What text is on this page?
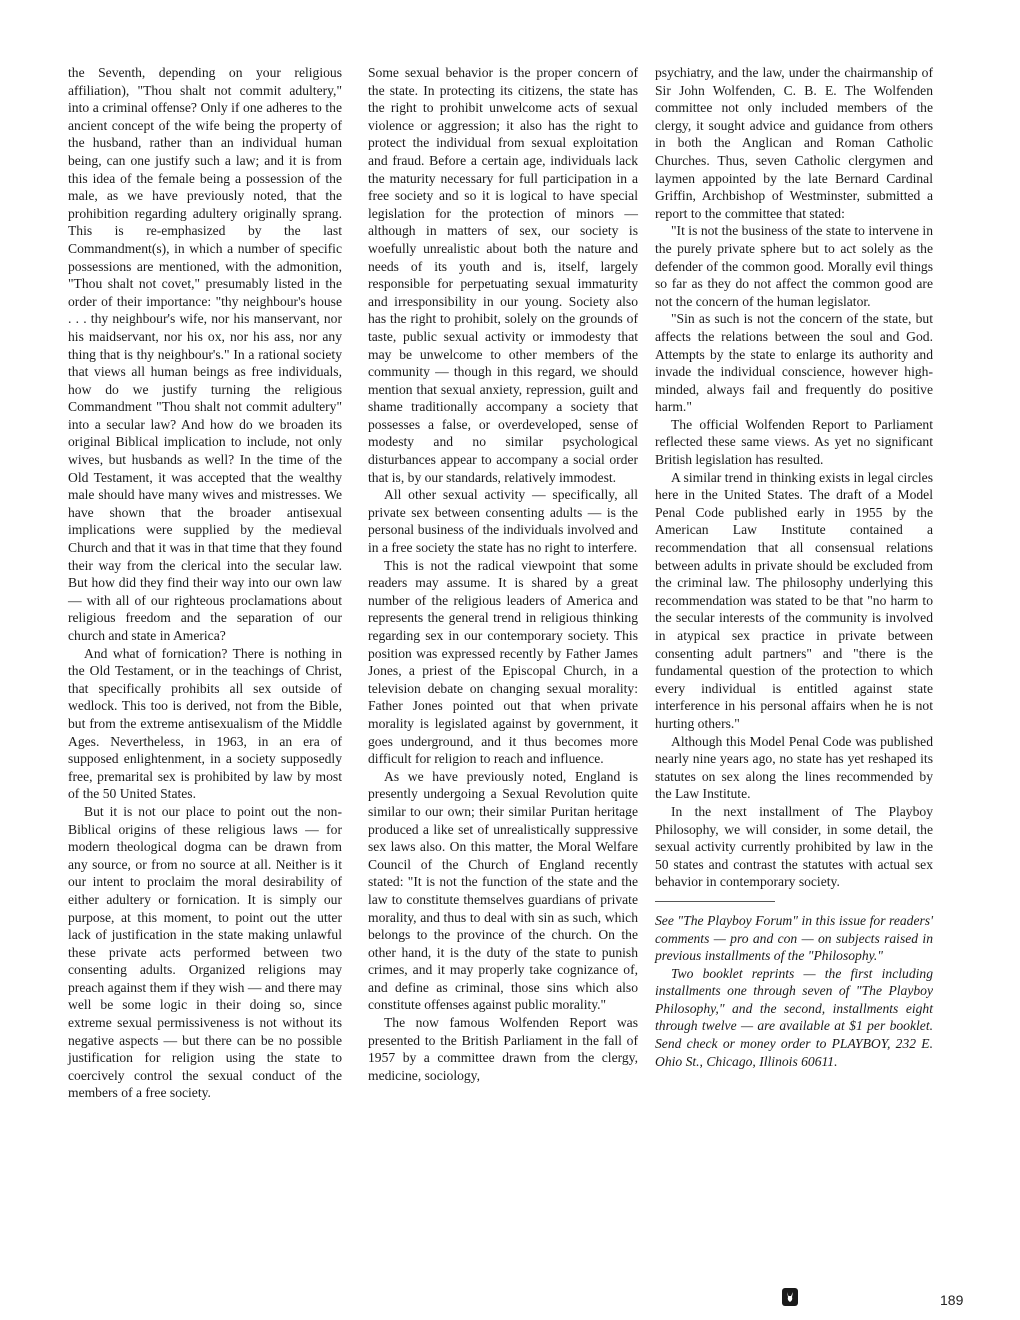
the Seventh, depending on your religious affiliation), "Thou shalt not commit adultery," into a criminal offense? Only if one adheres to the ancient concept of the wife being the property of the husband, rather than an individual human being, can one justify such a law; and it is from this idea of the female being a possession of the male, as we have previously noted, that the prohibition regarding adultery originally sprang. This is re-emphasized by the last Commandment(s), in which a number of specific possessions are mentioned, with the admonition, "Thou shalt not covet," presumably listed in the order of their importance: "thy neighbour's house . . . thy neighbour's wife, nor his manservant, nor his maidservant, nor his ox, nor his ass, nor any thing that is thy neighbour's." In a rational society that views all human beings as free individuals, how do we justify turning the religious Commandment "Thou shalt not commit adultery" into a secular law? And how do we broaden its original Biblical implication to include, not only wives, but husbands as well? In the time of the Old Testament, it was accepted that the wealthy male should have many wives and mistresses. We have shown that the broader antisexual implications were supplied by the medieval Church and that it was in that time that they found their way from the clerical into the secular law. But how did they find their way into our own law — with all of our righteous proclamations about religious freedom and the separation of our church and state in America?

And what of fornication? There is nothing in the Old Testament, or in the teachings of Christ, that specifically prohibits all sex outside of wedlock. This too is derived, not from the Bible, but from the extreme antisexualism of the Middle Ages. Nevertheless, in 1963, in an era of supposed enlightenment, in a society supposedly free, premarital sex is prohibited by law by most of the 50 United States.

But it is not our place to point out the non-Biblical origins of these religious laws — for modern theological dogma can be drawn from any source, or from no source at all. Neither is it our intent to proclaim the moral desirability of either adultery or fornication. It is simply our purpose, at this moment, to point out the utter lack of justification in the state making unlawful these private acts performed between two consenting adults. Organized religions may preach against them if they wish — and there may well be some logic in their doing so, since extreme sexual permissiveness is not without its negative aspects — but there can be no possible justification for religion using the state to coercively control the sexual conduct of the members of a free society.

Some sexual behavior is the proper concern of the state. In protecting its citizens, the state has the right to prohibit unwelcome acts of sexual violence or aggression; it also has the right to protect the individual from sexual exploitation and fraud. Before a certain age, individuals lack the maturity necessary for full participation in a free society and so it is logical to have special legislation for the protection of minors — although in matters of sex, our society is woefully unrealistic about both the nature and needs of its youth and is, itself, largely responsible for perpetuating sexual immaturity and irresponsibility in our young. Society also has the right to prohibit, solely on the grounds of taste, public sexual activity or immodesty that may be unwelcome to other members of the community — though in this regard, we should mention that sexual anxiety, repression, guilt and shame traditionally accompany a society that possesses a false, or overdeveloped, sense of modesty and no similar psychological disturbances appear to accompany a social order that is, by our standards, relatively immodest.

All other sexual activity — specifically, all private sex between consenting adults — is the personal business of the individuals involved and in a free society the state has no right to interfere.

This is not the radical viewpoint that some readers may assume. It is shared by a great number of the religious leaders of America and represents the general trend in religious thinking regarding sex in our contemporary society. This position was expressed recently by Father James Jones, a priest of the Episcopal Church, in a television debate on changing sexual morality: Father Jones pointed out that when private morality is legislated against by government, it goes underground, and it thus becomes more difficult for religion to reach and influence.

As we have previously noted, England is presently undergoing a Sexual Revolution quite similar to our own; their similar Puritan heritage produced a like set of unrealistically suppressive sex laws also. On this matter, the Moral Welfare Council of the Church of England recently stated: "It is not the function of the state and the law to constitute themselves guardians of private morality, and thus to deal with sin as such, which belongs to the province of the church. On the other hand, it is the duty of the state to punish crimes, and it may properly take cognizance of, and define as criminal, those sins which also constitute offenses against public morality."

The now famous Wolfenden Report was presented to the British Parliament in the fall of 1957 by a committee drawn from the clergy, medicine, sociology,

psychiatry, and the law, under the chairmanship of Sir John Wolfenden, C. B. E. The Wolfenden committee not only included members of the clergy, it sought advice and guidance from others in both the Anglican and Roman Catholic Churches. Thus, seven Catholic clergymen and laymen appointed by the late Bernard Cardinal Griffin, Archbishop of Westminster, submitted a report to the committee that stated:

"It is not the business of the state to intervene in the purely private sphere but to act solely as the defender of the common good. Morally evil things so far as they do not affect the common good are not the concern of the human legislator.

"Sin as such is not the concern of the state, but affects the relations between the soul and God. Attempts by the state to enlarge its authority and invade the individual conscience, however high-minded, always fail and frequently do positive harm."

The official Wolfenden Report to Parliament reflected these same views. As yet no significant British legislation has resulted.

A similar trend in thinking exists in legal circles here in the United States. The draft of a Model Penal Code published early in 1955 by the American Law Institute contained a recommendation that all consensual relations between adults in private should be excluded from the criminal law. The philosophy underlying this recommendation was stated to be that "no harm to the secular interests of the community is involved in atypical sex practice in private between consenting adult partners" and "there is the fundamental question of the protection to which every individual is entitled against state interference in his personal affairs when he is not hurting others."

Although this Model Penal Code was published nearly nine years ago, no state has yet reshaped its statutes on sex along the lines recommended by the Law Institute.

In the next installment of The Playboy Philosophy, we will consider, in some detail, the sexual activity currently prohibited by law in the 50 states and contrast the statutes with actual sex behavior in contemporary society.

See "The Playboy Forum" in this issue for readers' comments — pro and con — on subjects raised in previous installments of the "Philosophy."

Two booklet reprints — the first including installments one through seven of "The Playboy Philosophy," and the second, installments eight through twelve — are available at $1 per booklet. Send check or money order to PLAYBOY, 232 E. Ohio St., Chicago, Illinois 60611.

189
